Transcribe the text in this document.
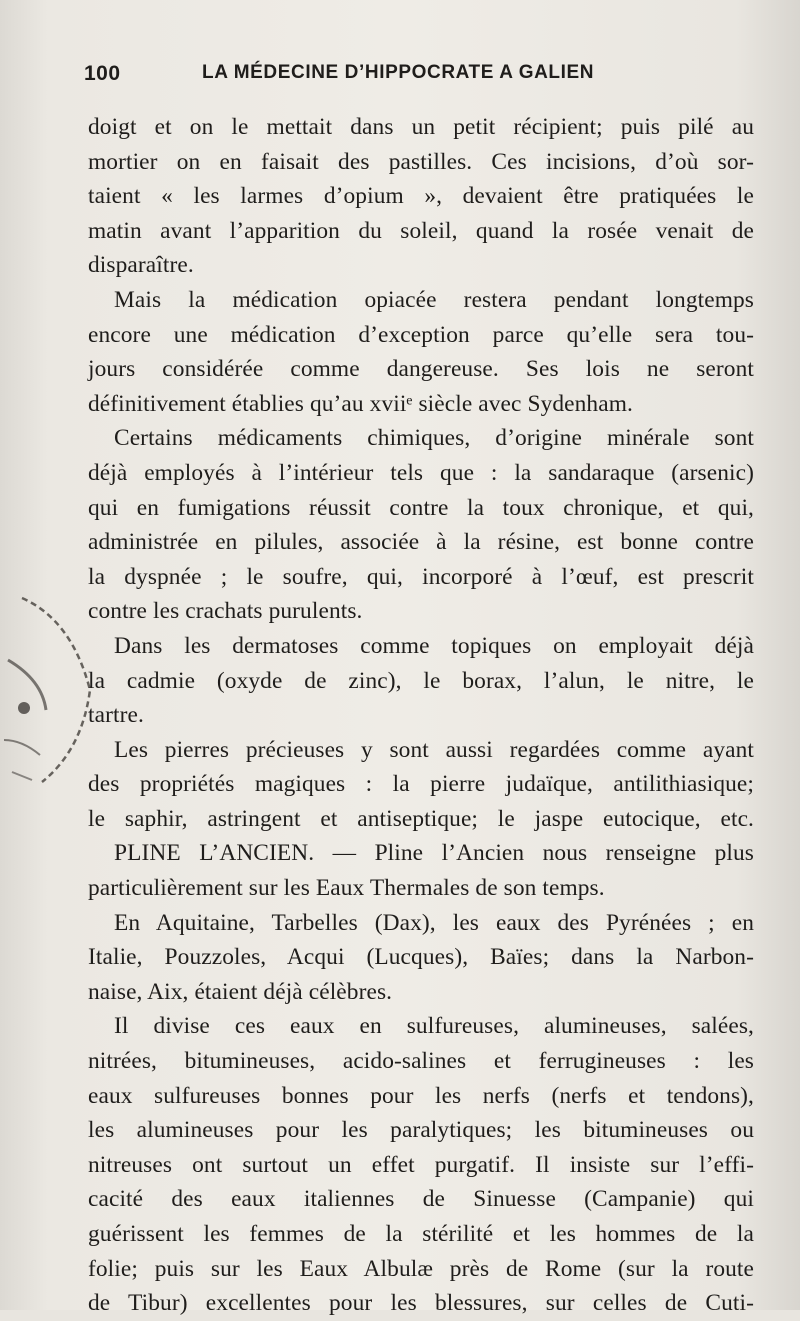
100	LA MÉDECINE D’HIPPOCRATE A GALIEN
doigt et on le mettait dans un petit récipient; puis pilé au
mortier on en faisait des pastilles. Ces incisions, d’où sor-
taient « les larmes d’opium », devaient être pratiquées le
matin avant l’apparition du soleil, quand la rosée venait de
disparaître.
Mais la médication opiacée restera pendant longtemps
encore une médication d’exception parce qu’elle sera tou-
jours considérée comme dangereuse. Ses lois ne seront
définitivement établies qu’au xviiᵉ siècle avec Sydenham.
Certains médicaments chimiques, d’origine minérale sont
déjà employés à l’intérieur tels que : la sandaraque (arsenic)
qui en fumigations réussit contre la toux chronique, et qui,
administrée en pilules, associée à la résine, est bonne contre
la dyspnée ; le soufre, qui, incorporé à l’œuf, est prescrit
contre les crachats purulents.
Dans les dermatoses comme topiques on employait déjà
la cadmie (oxyde de zinc), le borax, l’alun, le nitre, le
tartre.
Les pierres précieuses y sont aussi regardées comme ayant
des propriétés magiques : la pierre judaïque, antilithiasique;
le saphir, astringent et antiseptique; le jaspe eutocique, etc.
PLINE L’ANCIEN. — Pline l’Ancien nous renseigne plus
particulièrement sur les Eaux Thermales de son temps.
En Aquitaine, Tarbelles (Dax), les eaux des Pyrénées ; en
Italie, Pouzzoles, Acqui (Lucques), Baïes; dans la Narbon-
naise, Aix, étaient déjà célèbres.
Il divise ces eaux en sulfureuses, alumineuses, salées,
nitrées, bitumineuses, acido-salines et ferrugineuses : les
eaux sulfureuses bonnes pour les nerfs (nerfs et tendons),
les alumineuses pour les paralytiques; les bitumineuses ou
nitreuses ont surtout un effet purgatif. Il insiste sur l’effi-
cacité des eaux italiennes de Sinuesse (Campanie) qui
guérissent les femmes de la stérilité et les hommes de la
folie; puis sur les Eaux Albulæ près de Rome (sur la route
de Tibur) excellentes pour les blessures, sur celles de Cuti-
